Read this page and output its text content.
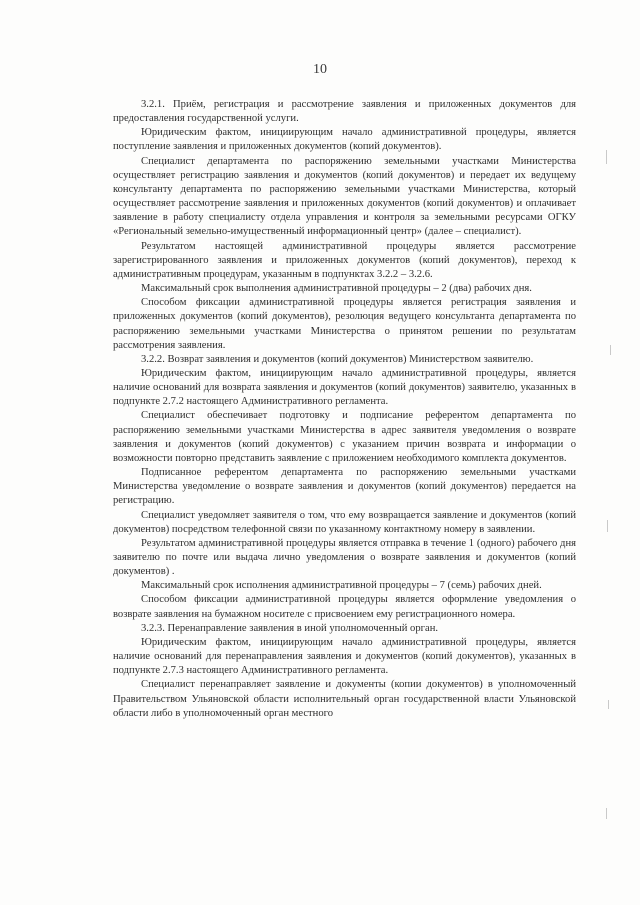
10

3.2.1. Приём, регистрация и рассмотрение заявления и приложенных документов для предоставления государственной услуги.

Юридическим фактом, инициирующим начало административной процедуры, является поступление заявления и приложенных документов (копий документов).

Специалист департамента по распоряжению земельными участками Министерства осуществляет регистрацию заявления и документов (копий документов) и передает их ведущему консультанту департамента по распоряжению земельными участками Министерства, который осуществляет рассмотрение заявления и приложенных документов (копий документов) и оплачивает заявление в работу специалисту отдела управления и контроля за земельными ресурсами ОГКУ «Региональный земельно-имущественный информационный центр» (далее – специалист).

Результатом настоящей административной процедуры является рассмотрение зарегистрированного заявления и приложенных документов (копий документов), переход к административным процедурам, указанным в подпунктах 3.2.2 – 3.2.6.

Максимальный срок выполнения административной процедуры – 2 (два) рабочих дня.

Способом фиксации административной процедуры является регистрация заявления и приложенных документов (копий документов), резолюция ведущего консультанта департамента по распоряжению земельными участками Министерства о принятом решении по результатам рассмотрения заявления.

3.2.2. Возврат заявления и документов (копий документов) Министерством заявителю.

Юридическим фактом, инициирующим начало административной процедуры, является наличие оснований для возврата заявления и документов (копий документов) заявителю, указанных в подпункте 2.7.2 настоящего Административного регламента.

Специалист обеспечивает подготовку и подписание референтом департамента по распоряжению земельными участками Министерства в адрес заявителя уведомления о возврате заявления и документов (копий документов) с указанием причин возврата и информации о возможности повторно представить заявление с приложением необходимого комплекта документов.

Подписанное референтом департамента по распоряжению земельными участками Министерства уведомление о возврате заявления и документов (копий документов) передается на регистрацию.

Специалист уведомляет заявителя о том, что ему возвращается заявление и документов (копий документов) посредством телефонной связи по указанному контактному номеру в заявлении.

Результатом административной процедуры является отправка в течение 1 (одного) рабочего дня заявителю по почте или выдача лично уведомления о возврате заявления и документов (копий документов) .

Максимальный срок исполнения административной процедуры – 7 (семь) рабочих дней.

Способом фиксации административной процедуры является оформление уведомления о возврате заявления на бумажном носителе с присвоением ему регистрационного номера.

3.2.3. Перенаправление заявления в иной уполномоченный орган.

Юридическим фактом, инициирующим начало административной процедуры, является наличие оснований для перенаправления заявления и документов (копий документов), указанных в подпункте 2.7.3 настоящего Административного регламента.

Специалист перенаправляет заявление и документы (копии документов) в уполномоченный Правительством Ульяновской области исполнительный орган государственной власти Ульяновской области либо в уполномоченный орган местного
